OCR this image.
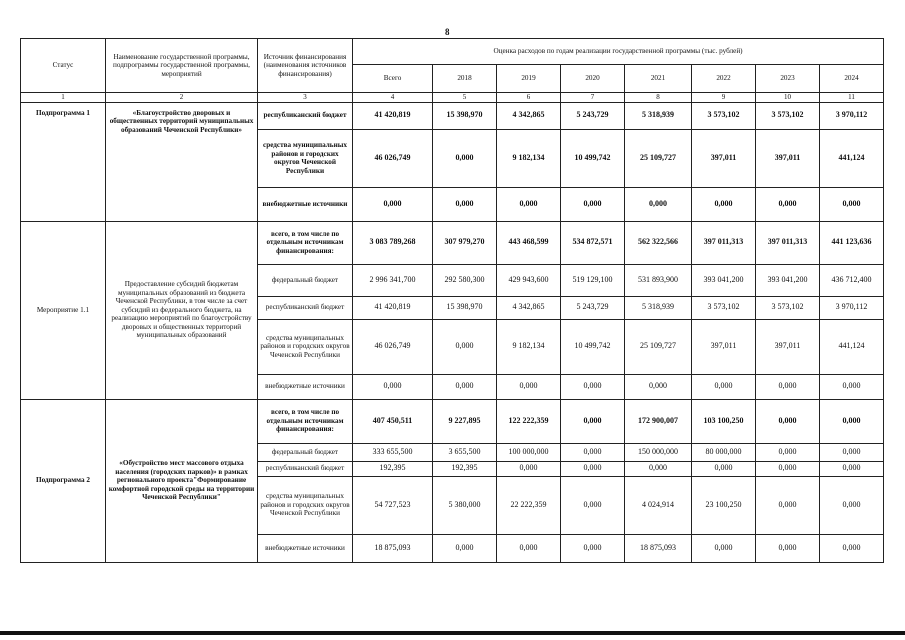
8
Статус	Наименование государственной программы, подпрограммы государственной программы, мероприятий	Источник финансирования (наименования источников финансирования)	Оценка расходов по годам реализации государственной программы (тыс. рублей)							
			Всего	2018	2019	2020	2021	2022	2023	2024
1	2	3	4	5	6	7	8	9	10	11
Подпрограмма 1	«Благоустройство дворовых и общественных территорий муниципальных образований Чеченской Республики»	республиканский бюджет	41 420,819	15 398,970	4 342,865	5 243,729	5 318,939	3 573,102	3 573,102	3 970,112
		средства муниципальных районов и городских округов Чеченской Республики	46 026,749	0,000	9 182,134	10 499,742	25 109,727	397,011	397,011	441,124
		внебюджетные источники	0,000	0,000	0,000	0,000	0,000	0,000	0,000	0,000
Мероприятие 1.1	Предоставление субсидий бюджетам муниципальных образований из бюджета Чеченской Республики, в том числе за счет субсидий из федерального бюджета, на реализацию мероприятий по благоустройству дворовых и общественных территорий муниципальных образований	всего, в том числе по отдельным источникам финансирования:	3 083 789,268	307 979,270	443 468,599	534 872,571	562 322,566	397 011,313	397 011,313	441 123,636
		федеральный бюджет	2 996 341,700	292 580,300	429 943,600	519 129,100	531 893,900	393 041,200	393 041,200	436 712,400
		республиканский бюджет	41 420,819	15 398,970	4 342,865	5 243,729	5 318,939	3 573,102	3 573,102	3 970,112
		средства муниципальных районов и городских округов Чеченской Республики	46 026,749	0,000	9 182,134	10 499,742	25 109,727	397,011	397,011	441,124
		внебюджетные источники	0,000	0,000	0,000	0,000	0,000	0,000	0,000	0,000
Подпрограмма 2	«Обустройство мест массового отдыха населения (городских парков)» в рамках регионального проекта"Формирование комфортной городской среды на территории Чеченской Республики"	всего, в том числе по отдельным источникам финансирования:	407 450,511	9 227,895	122 222,359	0,000	172 900,007	103 100,250	0,000	0,000
		федеральный бюджет	333 655,500	3 655,500	100 000,000	0,000	150 000,000	80 000,000	0,000	0,000
		республиканский бюджет	192,395	192,395	0,000	0,000	0,000	0,000	0,000	0,000
		средства муниципальных районов и городских округов Чеченской Республики	54 727,523	5 380,000	22 222,359	0,000	4 024,914	23 100,250	0,000	0,000
		внебюджетные источники	18 875,093	0,000	0,000	0,000	18 875,093	0,000	0,000	0,000
